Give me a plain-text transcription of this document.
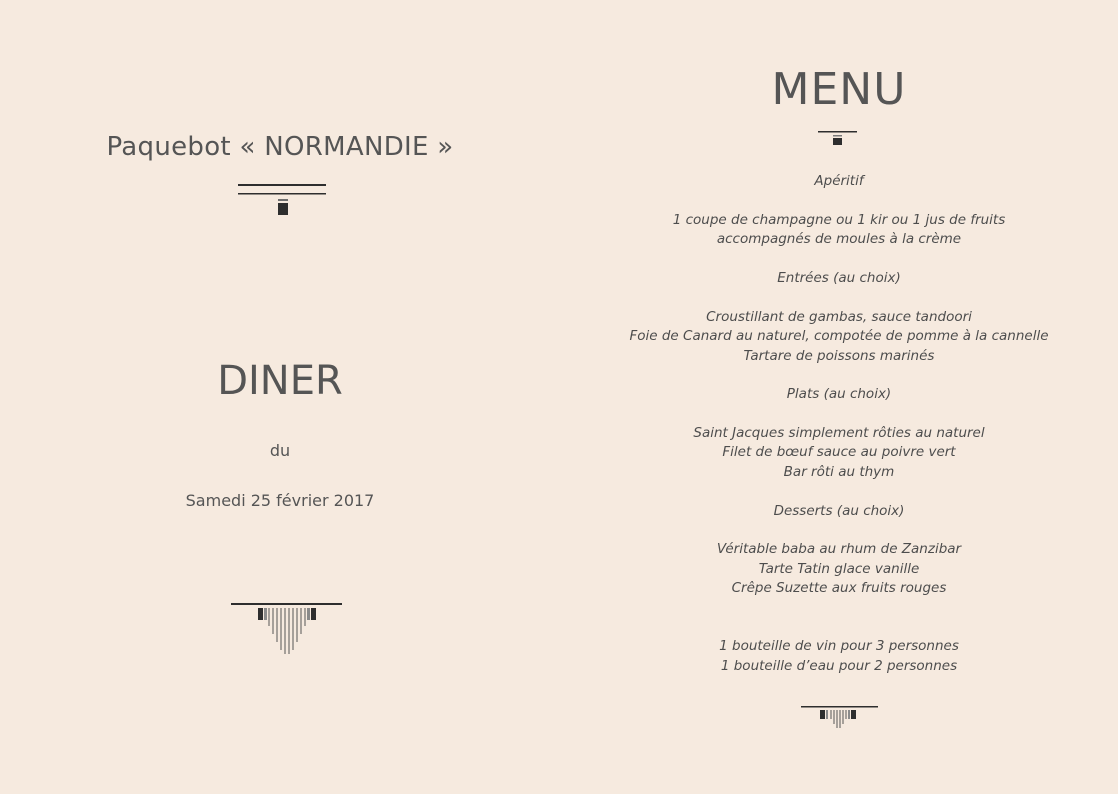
Paquebot « NORMANDIE »
DINER
du
Samedi 25 février 2017
MENU
Apéritif
1 coupe de champagne ou 1 kir ou 1 jus de fruits
accompagnés de moules à la crème
Entrées (au choix)
Croustillant de gambas, sauce tandoori
Foie de Canard au naturel, compotée de pomme à la cannelle
Tartare de poissons marinés
Plats (au choix)
Saint Jacques simplement rôties au naturel
Filet de bœuf sauce au poivre vert
Bar rôti au thym
Desserts (au choix)
Véritable baba au rhum de Zanzibar
Tarte Tatin glace vanille
Crêpe Suzette aux fruits rouges
1 bouteille de vin pour 3 personnes
1 bouteille d’eau pour 2 personnes
